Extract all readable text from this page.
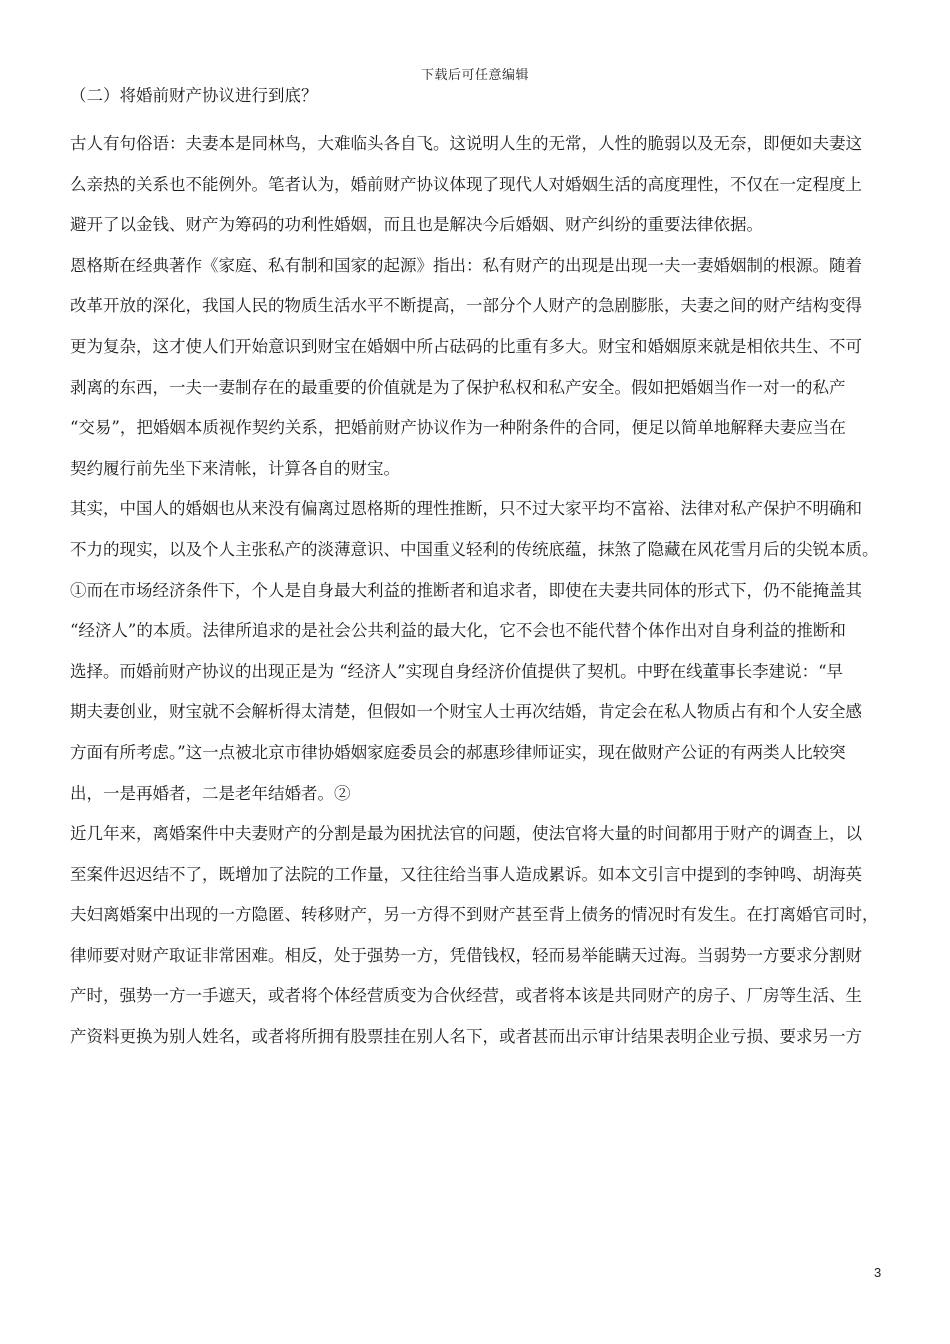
下载后可任意编辑
（二）将婚前财产协议进行到底？
古人有句俗语：夫妻本是同林鸟，大难临头各自飞。这说明人生的无常，人性的脆弱以及无奈，即便如夫妻这
么亲热的关系也不能例外。笔者认为，婚前财产协议体现了现代人对婚姻生活的高度理性，不仅在一定程度上
避开了以金钱、财产为筹码的功利性婚姻，而且也是解决今后婚姻、财产纠纷的重要法律依据。
恩格斯在经典著作《家庭、私有制和国家的起源》指出：私有财产的出现是出现一夫一妻婚姻制的根源。随着
改革开放的深化，我国人民的物质生活水平不断提高，一部分个人财产的急剧膨胀，夫妻之间的财产结构变得
更为复杂，这才使人们开始意识到财宝在婚姻中所占砝码的比重有多大。财宝和婚姻原来就是相依共生、不可
剥离的东西，一夫一妻制存在的最重要的价值就是为了保护私权和私产安全。假如把婚姻当作一对一的私产
“交易”，把婚姻本质视作契约关系，把婚前财产协议作为一种附条件的合同，便足以简单地解释夫妻应当在
契约履行前先坐下来清帐，计算各自的财宝。
其实，中国人的婚姻也从来没有偏离过恩格斯的理性推断，只不过大家平均不富裕、法律对私产保护不明确和
不力的现实，以及个人主张私产的淡薄意识、中国重义轻利的传统底蕴，抹煞了隐藏在风花雪月后的尖锐本质。
①而在市场经济条件下，个人是自身最大利益的推断者和追求者，即使在夫妻共同体的形式下，仍不能掩盖其
“经济人”的本质。法律所追求的是社会公共利益的最大化，它不会也不能代替个体作出对自身利益的推断和
选择。而婚前财产协议的出现正是为 “经济人”实现自身经济价值提供了契机。中野在线董事长李建说：“早
期夫妻创业，财宝就不会解析得太清楚，但假如一个财宝人士再次结婚，肯定会在私人物质占有和个人安全感
方面有所考虑。”这一点被北京市律协婚姻家庭委员会的郝惠珍律师证实，现在做财产公证的有两类人比较突
出，一是再婚者，二是老年结婚者。②
近几年来，离婚案件中夫妻财产的分割是最为困扰法官的问题，使法官将大量的时间都用于财产的调查上，以
至案件迟迟结不了，既增加了法院的工作量，又往往给当事人造成累诉。如本文引言中提到的李钟鸣、胡海英
夫妇离婚案中出现的一方隐匿、转移财产，另一方得不到财产甚至背上债务的情况时有发生。在打离婚官司时，
律师要对财产取证非常困难。相反，处于强势一方，凭借钱权，轻而易举能瞒天过海。当弱势一方要求分割财
产时，强势一方一手遮天，或者将个体经营质变为合伙经营，或者将本该是共同财产的房子、厂房等生活、生
产资料更换为别人姓名，或者将所拥有股票挂在别人名下，或者甚而出示审计结果表明企业亏损、要求另一方
3
